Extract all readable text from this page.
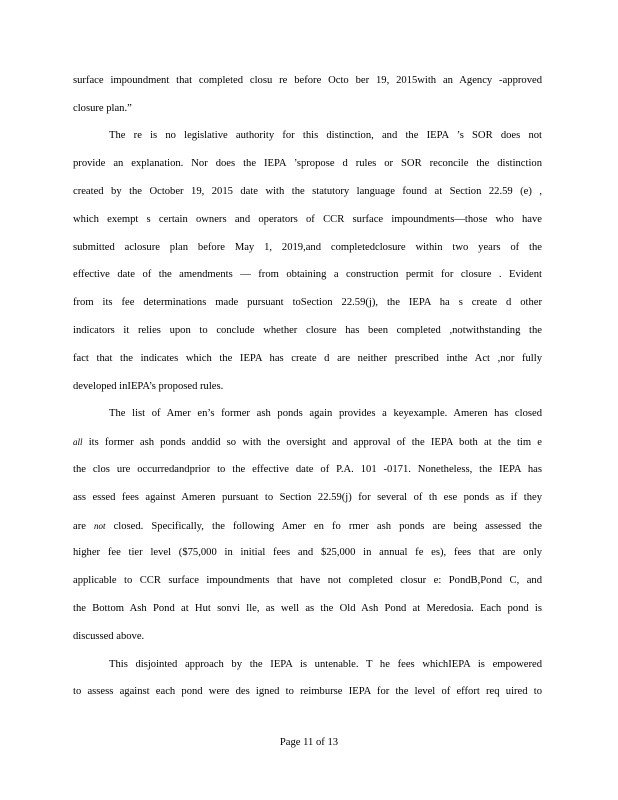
surface impoundment that completed closu re before Octo ber 19, 2015with an Agency -approved
closure plan.”
The re is no legislative authority for this distinction, and the IEPA ’s SOR does not
provide an explanation. Nor does the IEPA ’spropose d rules or SOR reconcile the distinction
created by the October 19, 2015 date with the statutory language found at Section 22.59 (e) ,
which exempt s certain owners and operators of CCR surface impoundments—those who have
submitted aclosure plan before May 1, 2019,and completedclosure within two years of the
effective date of the amendments — from obtaining a construction permit for closure . Evident
from its fee determinations made pursuant toSection 22.59(j), the IEPA ha s create d other
indicators it relies upon to conclude whether closure has been completed ,notwithstanding the
fact that the indicates which the IEPA has create d are neither prescribed inthe Act ,nor fully
developed inIEPA’s proposed rules.
The list of Amer en’s former ash ponds again provides a keyexample. Ameren has closed
all its former ash ponds anddid so with the oversight and approval of the IEPA both at the tim e
the clos ure occurredandprior to the effective date of P.A. 101 -0171. Nonetheless, the IEPA has
ass essed fees against Ameren pursuant to Section 22.59(j) for several of th ese ponds as if they
are not closed. Specifically, the following Amer en fo rmer ash ponds are being assessed the
higher fee tier level ($75,000 in initial fees and $25,000 in annual fe es), fees that are only
applicable to CCR surface impoundments that have not completed closur e: PondB,Pond C, and
the Bottom Ash Pond at Hut sonvi lle, as well as the Old Ash Pond at Meredosia. Each pond is
discussed above.
This disjointed approach by the IEPA is untenable. T he fees whichIEPA is empowered
to assess against each pond were des igned to reimburse IEPA for the level of effort req uired to
Page 11 of 13
